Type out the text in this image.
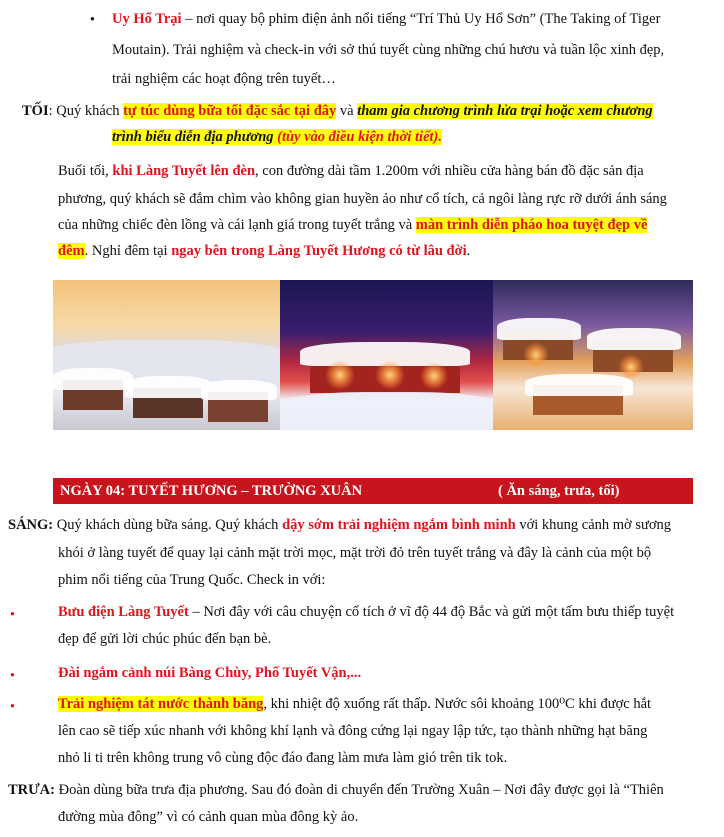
● Uy Hổ Trại – nơi quay bộ phim điện ảnh nổi tiếng “Trí Thủ Uy Hổ Sơn” (The Taking of Tiger
Moutain). Trải nghiệm và check-in với sở thú tuyết cùng những chú hươu và tuần lộc xinh đẹp,
trải nghiệm các hoạt động trên tuyết…
TỐI: Quý khách tự túc dùng bữa tối đặc sắc tại đây và tham gia chương trình lửa trại hoặc xem chương
trình biểu diễn địa phương (tùy vào điều kiện thời tiết).
Buổi tối, khi Làng Tuyết lên đèn, con đường dài tầm 1.200m với nhiều cửa hàng bán đồ đặc sản địa
phương, quý khách sẽ đắm chìm vào không gian huyền ảo như cổ tích, cả ngôi làng rực rỡ dưới ánh sáng
của những chiếc đèn lồng và cái lạnh giá trong tuyết trắng và màn trình diễn pháo hoa tuyệt đẹp về
đêm. Nghỉ đêm tại ngay bên trong Làng Tuyết Hương có từ lâu đời.
NGÀY 04: TUYẾT HƯƠNG – TRƯỜNG XUÂN	( Ăn sáng, trưa, tối)
SÁNG: Quý khách dùng bữa sáng. Quý khách dậy sớm trải nghiệm ngắm bình minh với khung cảnh mờ sương
khói ở làng tuyết để quay lại cảnh mặt trời mọc, mặt trời đỏ trên tuyết trắng và đây là cảnh của một bộ
phim nổi tiếng của Trung Quốc. Check in với:
●	Bưu điện Làng Tuyết – Nơi đây với câu chuyện cổ tích ở vĩ độ 44 độ Bắc và gửi một tấm bưu thiếp tuyệt
đẹp để gửi lời chúc phúc đến bạn bè.
●	Đài ngắm cảnh núi Bàng Chùy, Phố Tuyết Vận,...
●	Trải nghiệm tát nước thành băng, khi nhiệt độ xuống rất thấp. Nước sôi khoảng 100⁰C khi được hắt
lên cao sẽ tiếp xúc nhanh với không khí lạnh và đông cứng lại ngay lập tức, tạo thành những hạt băng
nhỏ li ti trên không trung vô cùng độc đáo đang làm mưa làm gió trên tik tok.
TRƯA: Đoàn dùng bữa trưa địa phương. Sau đó đoàn di chuyển đến Trường Xuân – Nơi đây được gọi là “Thiên
đường mùa đông” vì có cảnh quan mùa đông kỳ ảo.
